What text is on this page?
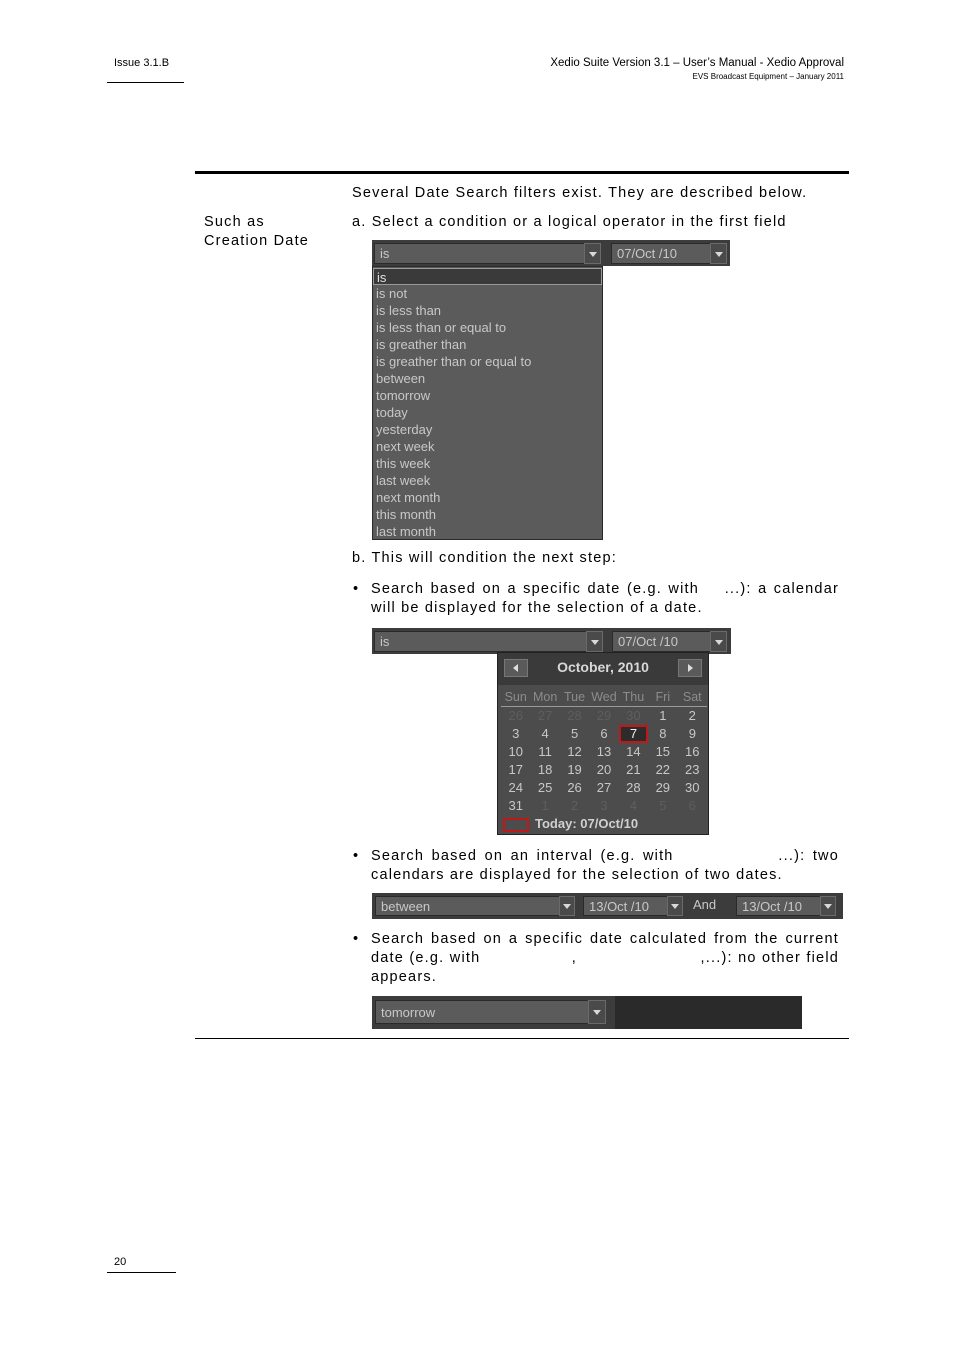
Issue 3.1.B	Xedio Suite Version 3.1 – User’s Manual - Xedio Approval
EVS Broadcast Equipment – January 2011
Such as
Creation Date
Several Date Search filters exist. They are described below.
a. Select a condition or a logical operator in the first field
is	07/Oct /10
is
is not
is less than
is less than or equal to
is greather than
is greather than or equal to
between
tomorrow
today
yesterday
next week
this week
last week
next month
this month
last month
b. This will condition the next step:
• Search based on a specific date (e.g. with    ...): a calendar will be displayed for the selection of a date.
is	07/Oct /10
October, 2010
Sun Mon Tue Wed Thu Fri	Sat
26	27	28	29	30	1	2
3	4	5	6	7	8	9
10	11	12	13	14	15	16
17	18	19	20	21	22	23
24	25	26	27	28	29	30
31	1	2	3	4	5	6
Today: 07/Oct/10
• Search based on an interval (e.g. with              ...): two calendars are displayed for the selection of two dates.
between	13/Oct /10	And	13/Oct /10
• Search based on a specific date calculated from the current date (e.g. with                 ,                       ,...): no other field appears.
tomorrow
20
